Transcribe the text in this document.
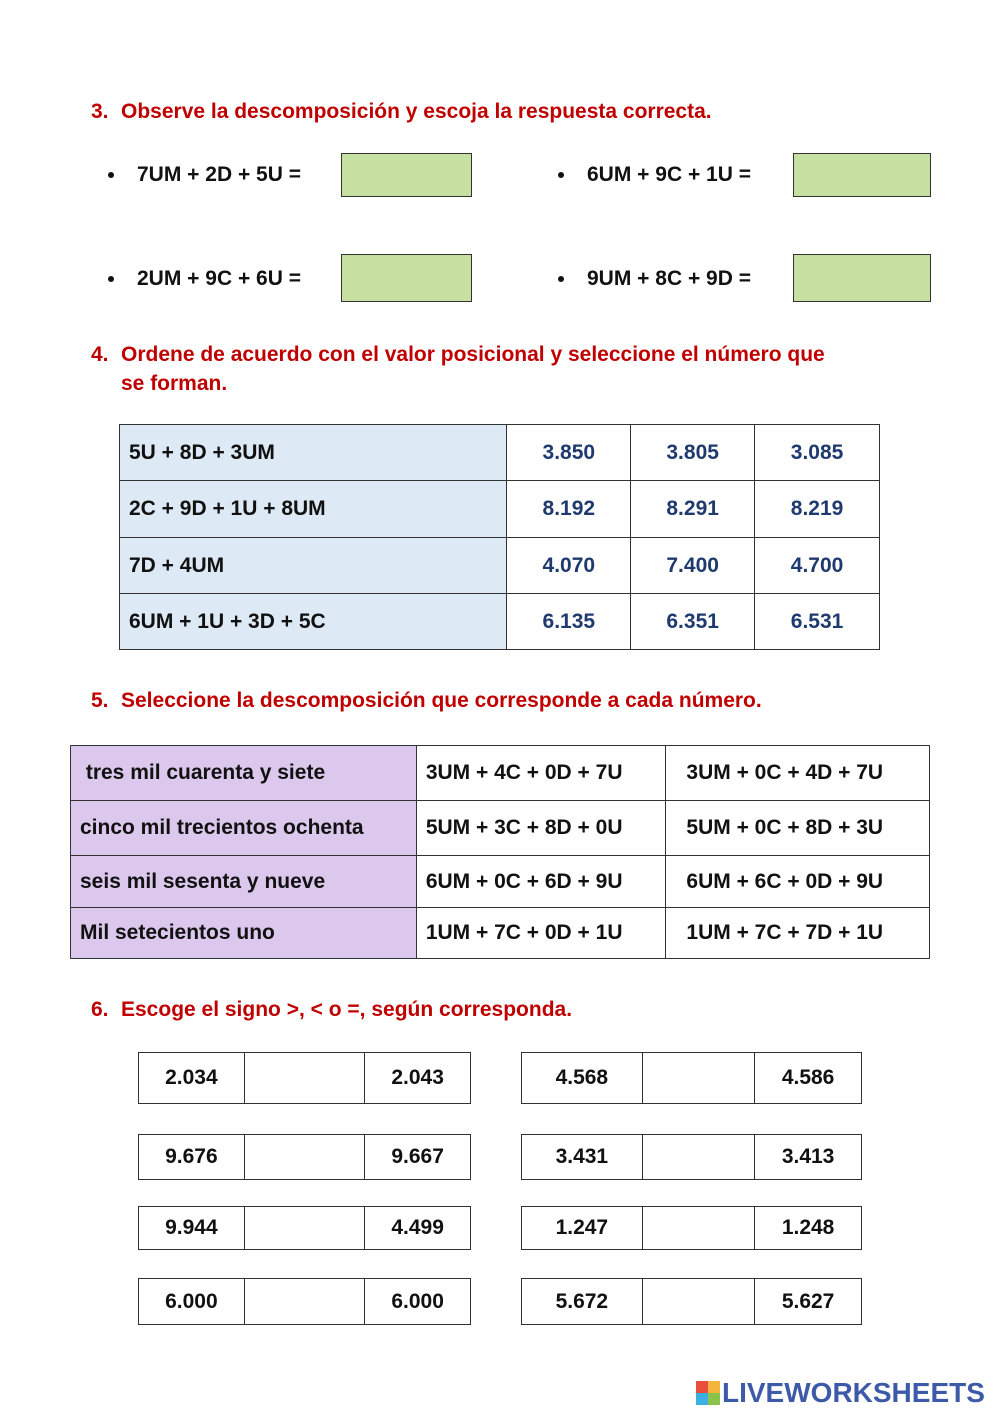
3. Observe la descomposición y escoja la respuesta correcta.
7UM + 2D + 5U =	6UM + 9C + 1U =
2UM + 9C + 6U =	9UM + 8C + 9D =
4. Ordene de acuerdo con el valor posicional y seleccione el número que
se forman.
5U + 8D + 3UM	3.850	3.805	3.085
2C + 9D + 1U + 8UM	8.192	8.291	8.219
7D + 4UM	4.070	7.400	4.700
6UM + 1U + 3D + 5C	6.135	6.351	6.531
5. Seleccione la descomposición que corresponde a cada número.
tres mil cuarenta y siete	3UM + 4C + 0D + 7U	3UM + 0C + 4D + 7U
cinco mil trecientos ochenta	5UM + 3C + 8D + 0U	5UM + 0C + 8D + 3U
seis mil sesenta y nueve	6UM + 0C + 6D + 9U	6UM + 6C + 0D + 9U
Mil setecientos uno	1UM + 7C + 0D + 1U	1UM + 7C + 7D + 1U
6. Escoge el signo >, < o =, según corresponda.
2.034		2.043
9.676		9.667
9.944		4.499
6.000		6.000
4.568		4.586
3.431		3.413
1.247		1.248
5.672		5.627
LIVEWORKSHEETS
